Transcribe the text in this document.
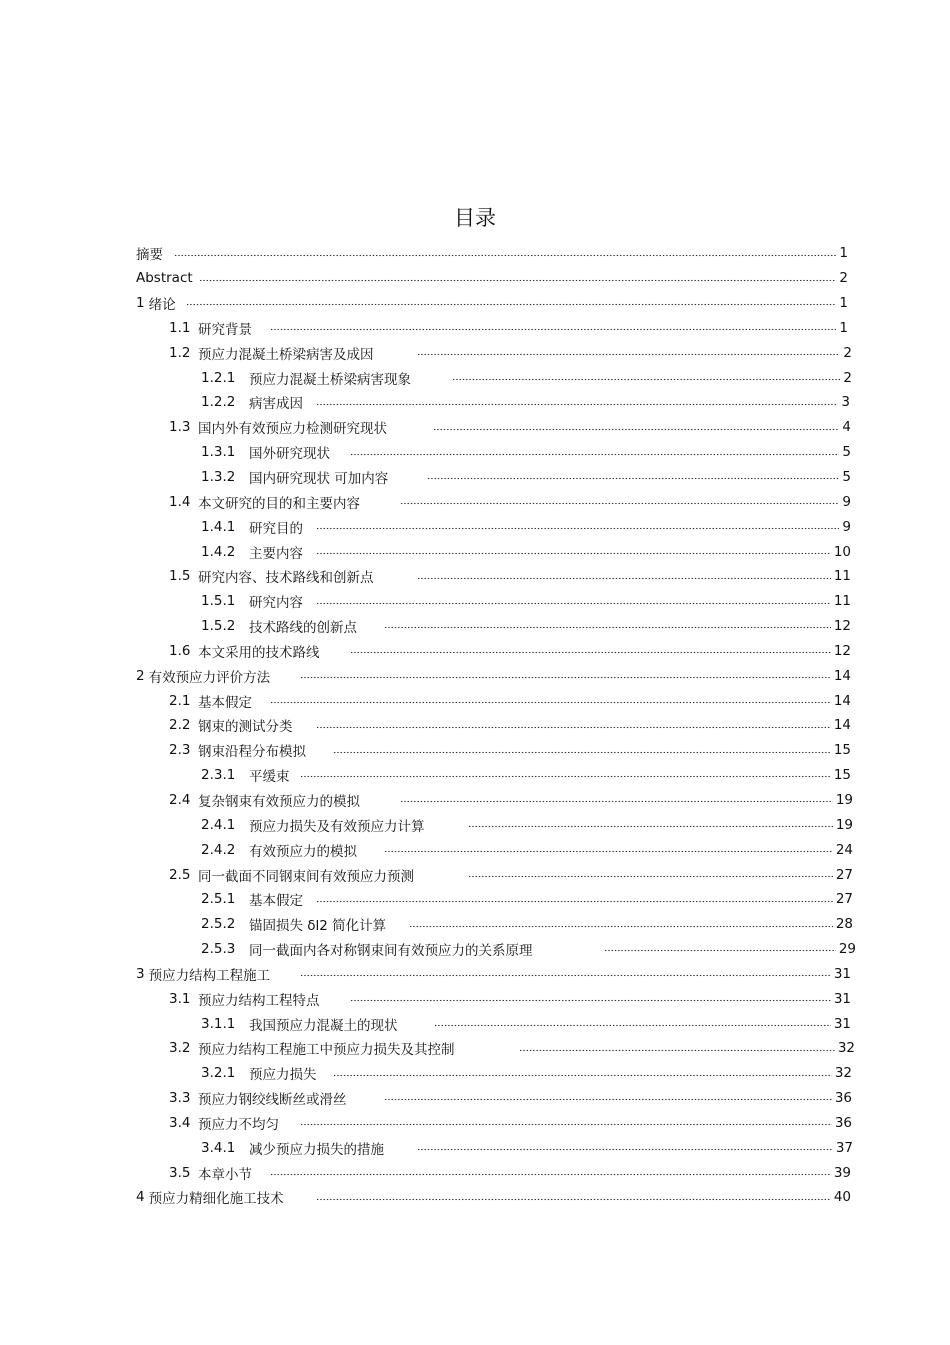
目录
摘要	1
Abstract	2
1 绪论	1
1.1 研究背景	1
1.2 预应力混凝土桥梁病害及成因	2
1.2.1	预应力混凝土桥梁病害现象	2
1.2.2	病害成因	3
1.3 国内外有效预应力检测研究现状	4
1.3.1	国外研究现状	5
1.3.2	国内研究现状 可加内容	5
1.4 本文研究的目的和主要内容	9
1.4.1	研究目的	9
1.4.2	主要内容	10
1.5 研究内容、技术路线和创新点	11
1.5.1	研究内容	11
1.5.2	技术路线的创新点	12
1.6 本文采用的技术路线	12
2 有效预应力评价方法	14
2.1 基本假定	14
2.2 钢束的测试分类	14
2.3 钢束沿程分布模拟	15
2.3.1	平缓束	15
2.4 复杂钢束有效预应力的模拟	19
2.4.1	预应力损失及有效预应力计算	19
2.4.2	有效预应力的模拟	24
2.5 同一截面不同钢束间有效预应力预测	27
2.5.1	基本假定	27
2.5.2	锚固损失 δl2 简化计算	28
2.5.3	同一截面内各对称钢束间有效预应力的关系原理	29
3 预应力结构工程施工	31
3.1 预应力结构工程特点	31
3.1.1	我国预应力混凝土的现状	31
3.2 预应力结构工程施工中预应力损失及其控制	32
3.2.1	预应力损失	32
3.3 预应力钢绞线断丝或滑丝	36
3.4 预应力不均匀	36
3.4.1	减少预应力损失的措施	37
3.5 本章小节	39
4 预应力精细化施工技术	40
